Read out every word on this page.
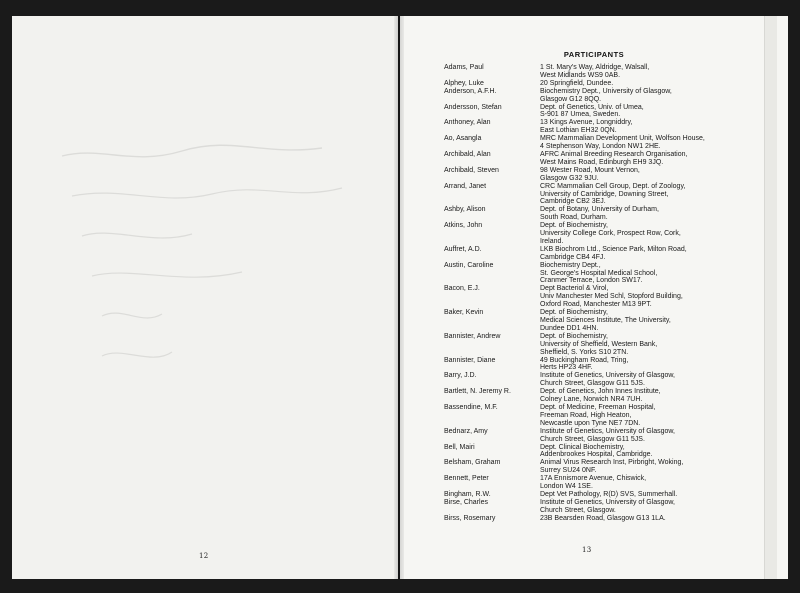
12
PARTICIPANTS
Adams, Paul	1 St. Mary's Way, Aldridge, Walsall,
West Midlands WS9 0AB.
Alphey, Luke	20 Springfield, Dundee.
Anderson, A.F.H.	Biochemistry Dept., University of Glasgow,
Glasgow G12 8QQ.
Andersson, Stefan	Dept. of Genetics, Univ. of Umea,
S-901 87 Umea, Sweden.
Anthoney, Alan	13 Kings Avenue, Longniddry,
East Lothian EH32 0QN.
Ao, Asangla	MRC Mammalian Development Unit, Wolfson House,
4 Stephenson Way, London NW1 2HE.
Archibald, Alan	AFRC Animal Breeding Research Organisation,
West Mains Road, Edinburgh EH9 3JQ.
Archibald, Steven	98 Wester Road, Mount Vernon,
Glasgow G32 9JU.
Arrand, Janet	CRC Mammalian Cell Group, Dept. of Zoology,
University of Cambridge, Downing Street,
Cambridge CB2 3EJ.
Ashby, Alison	Dept. of Botany, University of Durham,
South Road, Durham.
Atkins, John	Dept. of Biochemistry,
University College Cork, Prospect Row, Cork,
Ireland.
Auffret, A.D.	LKB Biochrom Ltd., Science Park, Milton Road,
Cambridge CB4 4FJ.
Austin, Caroline	Biochemistry Dept.,
St. George's Hospital Medical School,
Cranmer Terrace, London SW17.
Bacon, E.J.	Dept Bacteriol & Virol,
Univ Manchester Med Schl, Stopford Building,
Oxford Road, Manchester M13 9PT.
Baker, Kevin	Dept. of Biochemistry,
Medical Sciences Institute, The University,
Dundee DD1 4HN.
Bannister, Andrew	Dept. of Biochemistry,
University of Sheffield, Western Bank,
Sheffield, S. Yorks S10 2TN.
Bannister, Diane	49 Buckingham Road, Tring,
Herts HP23 4HF.
Barry, J.D.	Institute of Genetics, University of Glasgow,
Church Street, Glasgow G11 5JS.
Bartlett, N. Jeremy R.	Dept. of Genetics, John Innes Institute,
Colney Lane, Norwich NR4 7UH.
Bassendine, M.F.	Dept. of Medicine, Freeman Hospital,
Freeman Road, High Heaton,
Newcastle upon Tyne NE7 7DN.
Bednarz, Amy	Institute of Genetics, University of Glasgow,
Church Street, Glasgow G11 5JS.
Bell, Mairi	Dept. Clinical Biochemistry,
Addenbrookes Hospital, Cambridge.
Belsham, Graham	Animal Virus Research Inst, Pirbright, Woking,
Surrey SU24 0NF.
Bennett, Peter	17A Ennismore Avenue, Chiswick,
London W4 1SE.
Bingham, R.W.	Dept Vet Pathology, R(D) SVS, Summerhall.
Birse, Charles	Institute of Genetics, University of Glasgow,
Church Street, Glasgow.
Birss, Rosemary	23B Bearsden Road, Glasgow G13 1LA.
13
